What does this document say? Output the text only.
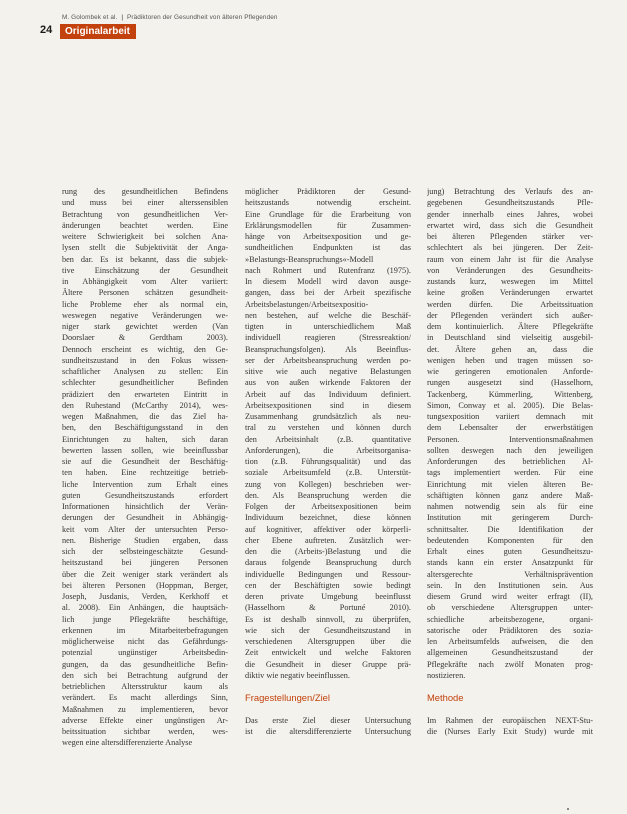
M. Golombek et al. | Prädiktoren der Gesundheit von älteren Pflegenden
24	Originalarbeit
rung des gesundheitlichen Befindens
und muss bei einer alterssensiblen
Betrachtung von gesundheitlichen Ver-
änderungen beachtet werden. Eine
weitere Schwierigkeit bei solchen Ana-
lysen stellt die Subjektivität der Anga-
ben dar. Es ist bekannt, dass die subjek-
tive Einschätzung der Gesundheit
in Abhängigkeit vom Alter variiert:
Ältere Personen schätzen gesundheit-
liche Probleme eher als normal ein,
weswegen negative Veränderungen we-
niger stark gewichtet werden (Van
Doorslaer & Gerdtham 2003).
Dennoch erscheint es wichtig, den Ge-
sundheitszustand in den Fokus wissen-
schaftlicher Analysen zu stellen: Ein
schlechter gesundheitlicher Befinden
prädiziert den erwarteten Eintritt in
den Ruhestand (McCarthy 2014), wes-
wegen Maßnahmen, die das Ziel ha-
ben, den Beschäftigungsstand in den
Einrichtungen zu halten, sich daran
bewerten lassen sollen, wie beeinflussbar
sie auf die Gesundheit der Beschäftig-
ten haben. Eine rechtzeitige betrieb-
liche Intervention zum Erhalt eines
guten Gesundheitszustands erfordert
Informationen hinsichtlich der Verän-
derungen der Gesundheit in Abhängig-
keit vom Alter der untersuchten Perso-
nen. Bisherige Studien ergaben, dass
sich der selbsteingeschätzte Gesund-
heitszustand bei jüngeren Personen
über die Zeit weniger stark verändert als
bei älteren Personen (Hoppman, Berger,
Joseph, Jusdanis, Verden, Kerkhoff et
al. 2008). Ein Anhängen, die hauptsäch-
lich junge Pflegekräfte beschäftige,
erkennen im Mitarbeiterbefragungen
möglicherweise nicht das Gefährdungs-
potenzial ungünstiger Arbeitsbedin-
gungen, da das gesundheitliche Befin-
den sich bei Betrachtung aufgrund der
betrieblichen Altersstruktur kaum als
verändert. Es macht allerdings Sinn,
Maßnahmen zu implementieren, bevor
adverse Effekte einer ungünstigen Ar-
beitssituation sichtbar werden, wes-
wegen eine altersdifferenzierte Analyse
möglicher Prädiktoren der Gesund-
heitszustands notwendig erscheint.
Eine Grundlage für die Erarbeitung von
Erklärungsmodellen für Zusammen-
hänge von Arbeitsexposition und ge-
sundheitlichen Endpunkten ist das
»Belastungs-Beanspruchungs«-Modell
nach Rohmert und Rutenfranz (1975).
In diesem Modell wird davon ausge-
gangen, dass bei der Arbeit spezifische
Arbeitsbelastungen/Arbeitsexpositio-
nen bestehen, auf welche die Beschäf-
tigten in unterschiedlichem Maß
individuell reagieren (Stressreaktion/
Beanspruchungsfolgen). Als Beeinflus-
ser der Arbeitsbeanspruchung werden po-
sitive wie auch negative Belastungen
aus von außen wirkende Faktoren der
Arbeit auf das Individuum definiert.
Arbeitsexpositionen sind in diesem
Zusammenhang grundsätzlich als neu-
tral zu verstehen und können durch
den Arbeitsinhalt (z.B. quantitative
Anforderungen), die Arbeitsorganisa-
tion (z.B. Führungsqualität) und das
soziale Arbeitsumfeld (z.B. Unterstüt-
zung von Kollegen) beschrieben wer-
den. Als Beanspruchung werden die
Folgen der Arbeitsexpositionen beim
Individuum bezeichnet, diese können
auf kognitiver, affektiver oder körperli-
cher Ebene auftreten. Zusätzlich wer-
den die (Arbeits-)Belastung und die
daraus folgende Beanspruchung durch
individuelle Bedingungen und Ressour-
cen der Beschäftigten sowie bedingt
deren private Umgebung beeinflusst
(Hasselhorn & Portuné 2010).
Es ist deshalb sinnvoll, zu überprüfen,
wie sich der Gesundheitszustand in
verschiedenen Altersgruppen über die
Zeit entwickelt und welche Faktoren
die Gesundheit in dieser Gruppe prä-
diktiv wie negativ beeinflussen.
Fragestellungen/Ziel
Das erste Ziel dieser Untersuchung
ist die altersdifferenzierte Untersuchung
jung) Betrachtung des Verlaufs des an-
gegebenen Gesundheitszustands Pfle-
gender innerhalb eines Jahres, wobei
erwartet wird, dass sich die Gesundheit
bei älteren Pflegenden stärker ver-
schlechtert als bei jüngeren. Der Zeit-
raum von einem Jahr ist für die Analyse
von Veränderungen des Gesundheits-
zustands kurz, weswegen im Mittel
keine großen Veränderungen erwartet
werden dürfen. Die Arbeitssituation
der Pflegenden verändert sich außer-
dem kontinuierlich. Ältere Pflegekräfte
in Deutschland sind vielseitig ausgebil-
det. Ältere gehen an, dass die
wenigen heben und tragen müssen so-
wie geringeren emotionalen Anforde-
rungen ausgesetzt sind (Hasselhorn,
Tackenberg, Kümmerling, Wittenberg,
Simon, Conway et al. 2005). Die Belas-
tungsexposition variiert demnach mit
dem Lebensalter der erwerbstätigen
Personen. Interventionsmaßnahmen
sollten deswegen nach den jeweiligen
Anforderungen des betrieblichen Al-
tags implementiert werden. Für eine
Einrichtung mit vielen älteren Be-
schäftigten können ganz andere Maß-
nahmen notwendig sein als für eine
Institution mit geringerem Durch-
schnittsalter. Die Identifikation der
bedeutenden Komponenten für den
Erhalt eines guten Gesundheitszu-
stands kann ein erster Ansatzpunkt für
altersgerechte Verhältnisprävention
sein. In den Institutionen sein. Aus
diesem Grund wird weiter erfragt (II),
ob verschiedene Altersgruppen unter-
schiedliche arbeitsbezogene, organi-
satorische oder Prädiktoren des sozia-
len Arbeitsumfelds aufweisen, die den
allgemeinen Gesundheitszustand der
Pflegekräfte nach zwölf Monaten prog-
nostizieren.
Methode
Im Rahmen der europäischen NEXT-Stu-
die (Nurses Early Exit Study) wurde mit
